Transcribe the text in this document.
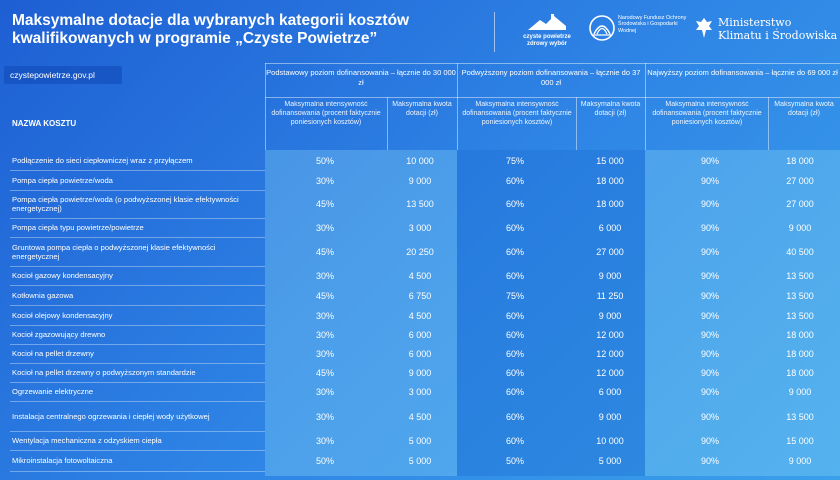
Maksymalne dotacje dla wybranych kategorii kosztów kwalifikowanych w programie „Czyste Powietrze”	czyste powietrze zdrowy wybór
Narodowy Fundusz Ochrony Środowiska i Gospodarki Wodnej
Ministerstwo
Klimatu i Środowiska
czystepowietrze.gov.pl
NAZWA KOSZTU
Podstawowy poziom dofinansowania – łącznie do 30 000 zł
Podwyższony poziom dofinansowania – łącznie do 37 000 zł
Najwyższy poziom dofinansowania – łącznie do 69 000 zł
Maksymalna intensywność dofinansowania (procent faktycznie poniesionych kosztów)
Maksymalna kwota dotacji (zł)
Maksymalna intensywność dofinansowania (procent faktycznie poniesionych kosztów)
Maksymalna kwota dotacji (zł)
Maksymalna intensywność dofinansowania (procent faktycznie poniesionych kosztów)
Maksymalna kwota dotacji (zł)
Podłączenie do sieci ciepłowniczej wraz z przyłączem	50%	10 000	75%	15 000	90%	18 000
Pompa ciepła powietrze/woda	30%	9 000	60%	18 000	90%	27 000
Pompa ciepła powietrze/woda (o podwyższonej klasie efektywności energetycznej)	45%	13 500	60%	18 000	90%	27 000
Pompa ciepła typu powietrze/powietrze	30%	3 000	60%	6 000	90%	9 000
Gruntowa pompa ciepła o podwyższonej klasie efektywności energetycznej	45%	20 250	60%	27 000	90%	40 500
Kocioł gazowy kondensacyjny	30%	4 500	60%	9 000	90%	13 500
Kotłownia gazowa	45%	6 750	75%	11 250	90%	13 500
Kocioł olejowy kondensacyjny	30%	4 500	60%	9 000	90%	13 500
Kocioł zgazowujący drewno	30%	6 000	60%	12 000	90%	18 000
Kocioł na pellet drzewny	30%	6 000	60%	12 000	90%	18 000
Kocioł na pellet drzewny o podwyższonym standardzie	45%	9 000	60%	12 000	90%	18 000
Ogrzewanie elektryczne	30%	3 000	60%	6 000	90%	9 000
Instalacja centralnego ogrzewania i ciepłej wody użytkowej	30%	4 500	60%	9 000	90%	13 500
Wentylacja mechaniczna z odzyskiem ciepła	30%	5 000	60%	10 000	90%	15 000
Mikroinstalacja fotowoltaiczna	50%	5 000	50%	5 000	90%	9 000
